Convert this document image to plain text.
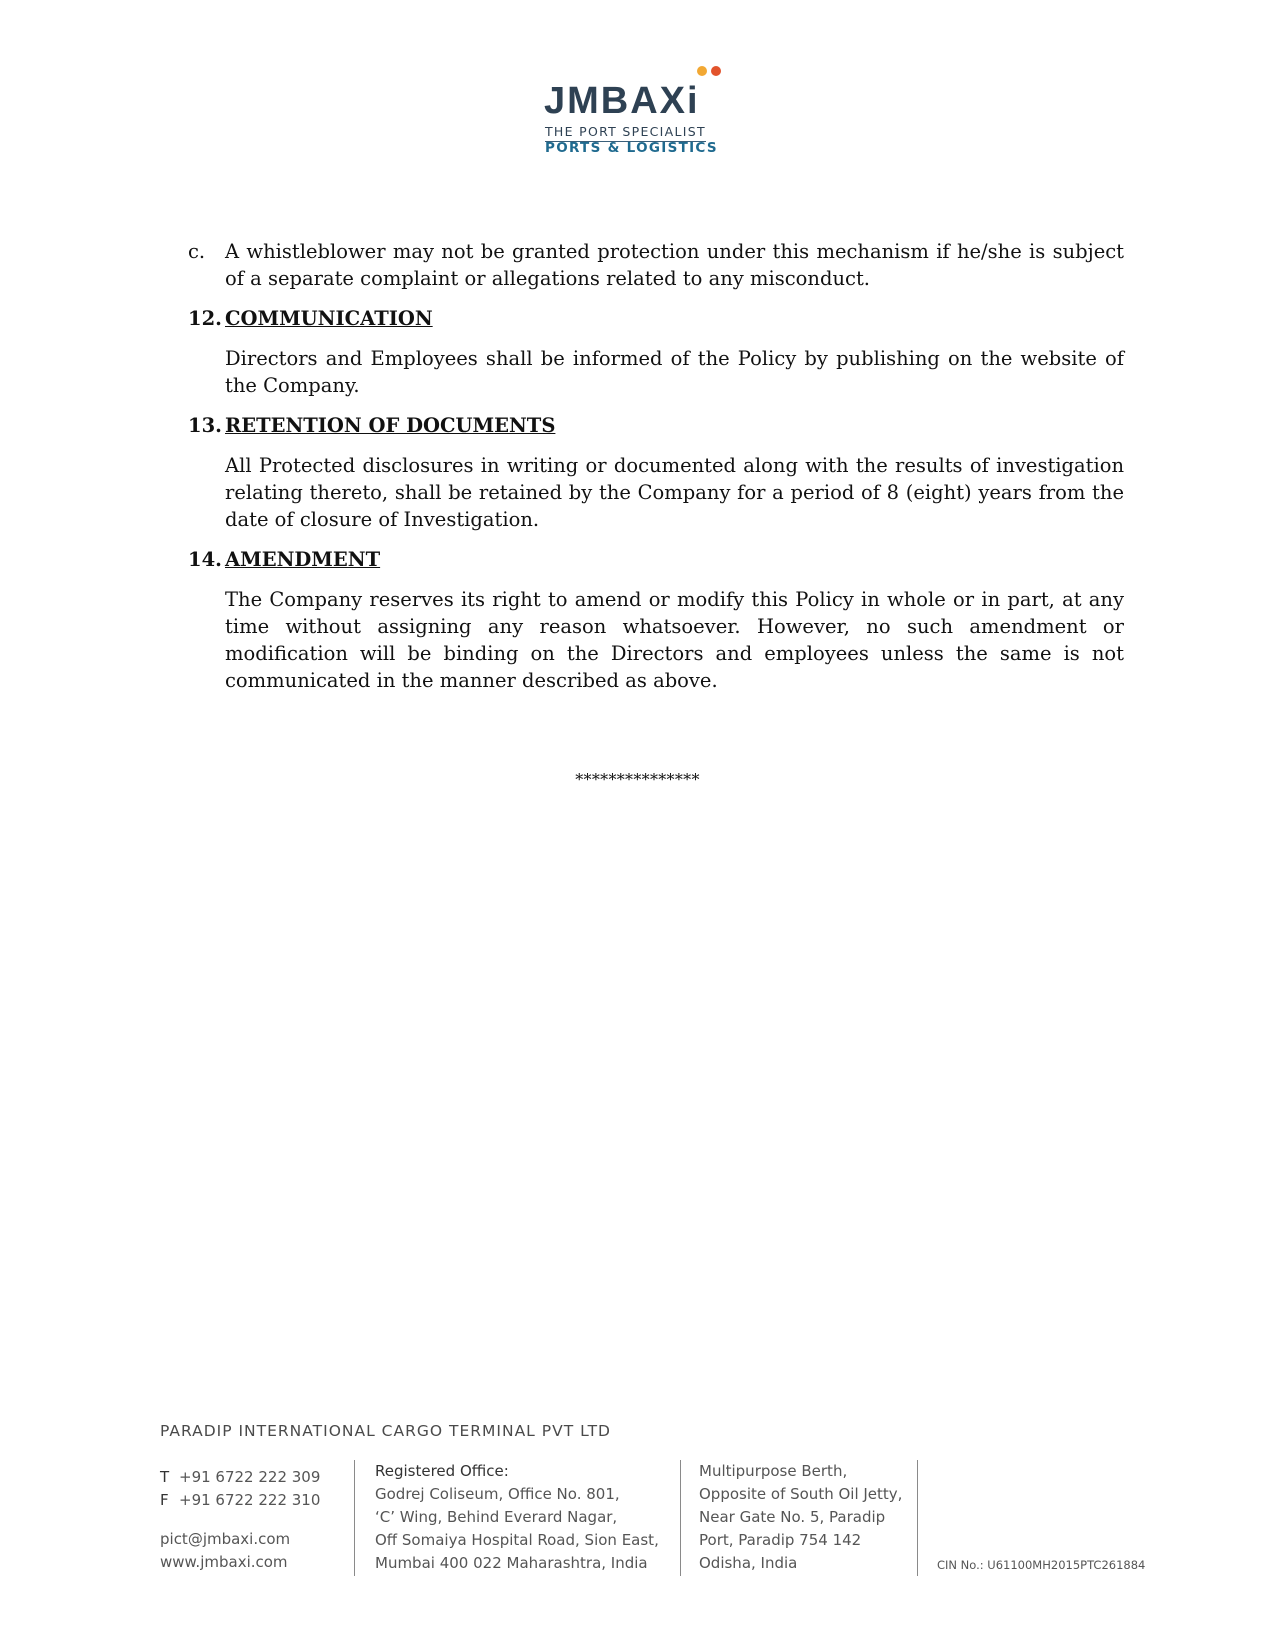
JMBAXi
THE PORT SPECIALIST
PORTS & LOGISTICS
c.	A whistleblower may not be granted protection under this mechanism if he/she is subject of a separate complaint or allegations related to any misconduct.
12. COMMUNICATION
Directors and Employees shall be informed of the Policy by publishing on the website of the Company.
13. RETENTION OF DOCUMENTS
All Protected disclosures in writing or documented along with the results of investigation relating thereto, shall be retained by the Company for a period of 8 (eight) years from the date of closure of Investigation.
14. AMENDMENT
The Company reserves its right to amend or modify this Policy in whole or in part, at any time without assigning any reason whatsoever. However, no such amendment or modification will be binding on the Directors and employees unless the same is not communicated in the manner described as above.
***************
PARADIP INTERNATIONAL CARGO TERMINAL PVT LTD
T +91 6722 222 309
F +91 6722 222 310
pict@jmbaxi.com
www.jmbaxi.com
Registered Office:
Godrej Coliseum, Office No. 801,
‘C’ Wing, Behind Everard Nagar,
Off Somaiya Hospital Road, Sion East,
Mumbai 400 022 Maharashtra, India
Multipurpose Berth,
Opposite of South Oil Jetty,
Near Gate No. 5, Paradip
Port, Paradip 754 142
Odisha, India	CIN No.: U61100MH2015PTC261884
